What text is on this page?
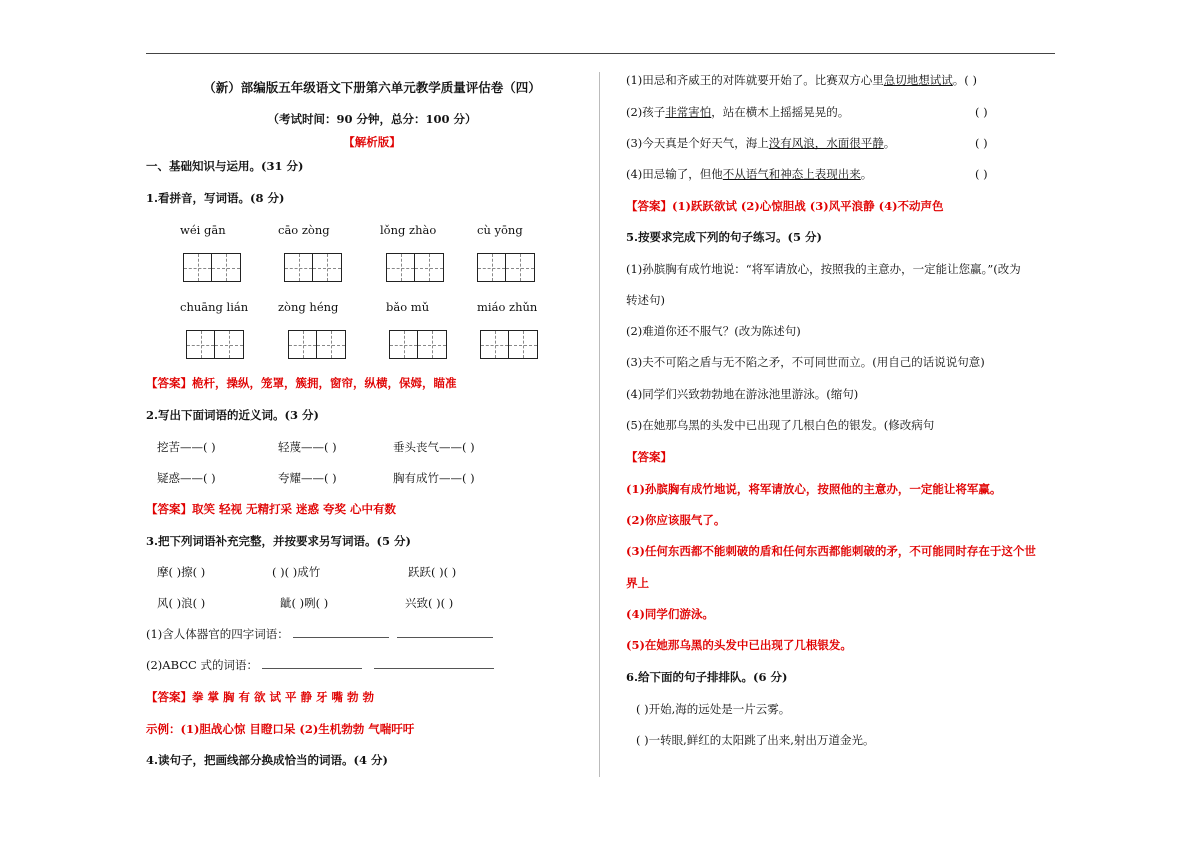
（新）部编版五年级语文下册第六单元教学质量评估卷（四）
（考试时间：90 分钟，总分：100 分）
【解析版】
一、基础知识与运用。(31 分)
1.看拼音，写词语。(8 分)
wéi gān	cāo zòng	lǒng zhào	cù yōng
chuāng lián	zòng héng	bǎo mǔ	miáo zhǔn
【答案】桅杆，操纵，笼罩，簇拥，窗帘，纵横，保姆，瞄准
2.写出下面词语的近义词。(3 分)
挖苦——( )	轻蔑——( )	垂头丧气——( )
疑惑——( )	夸耀——( )	胸有成竹——( )
【答案】取笑 轻视 无精打采 迷惑 夸奖 心中有数
3.把下列词语补充完整，并按要求另写词语。(5 分)
摩( )擦( )	( )( )成竹	跃跃( )( )
风( )浪( )	龇( )咧( )	兴致( )( )
(1)含人体器官的四字词语：
(2)ABCC 式的词语：
【答案】拳 掌 胸 有 欲 试 平 静 牙 嘴 勃 勃
示例：(1)胆战心惊 目瞪口呆 (2)生机勃勃 气喘吁吁
4.读句子，把画线部分换成恰当的词语。(4 分)
(1)田忌和齐威王的对阵就要开始了。比赛双方心里急切地想试试。( )
(2)孩子非常害怕，站在横木上摇摇晃晃的。	( )
(3)今天真是个好天气，海上没有风浪，水面很平静。	( )
(4)田忌输了，但他不从语气和神态上表现出来。	( )
【答案】(1)跃跃欲试 (2)心惊胆战 (3)风平浪静 (4)不动声色
5.按要求完成下列的句子练习。(5 分)
(1)孙膑胸有成竹地说：“将军请放心，按照我的主意办，一定能让您赢。”(改为
转述句)
(2)难道你还不服气？(改为陈述句)
(3)夫不可陷之盾与无不陷之矛，不可同世而立。(用自己的话说说句意)
(4)同学们兴致勃勃地在游泳池里游泳。(缩句)
(5)在她那乌黑的头发中已出现了几根白色的银发。(修改病句
【答案】
(1)孙膑胸有成竹地说，将军请放心，按照他的主意办，一定能让将军赢。
(2)你应该服气了。
(3)任何东西都不能刺破的盾和任何东西都能刺破的矛，不可能同时存在于这个世
界上
(4)同学们游泳。
(5)在她那乌黑的头发中已出现了几根银发。
6.给下面的句子排排队。(6 分)
( )开始,海的远处是一片云雾。
( )一转眼,鲜红的太阳跳了出来,射出万道金光。
